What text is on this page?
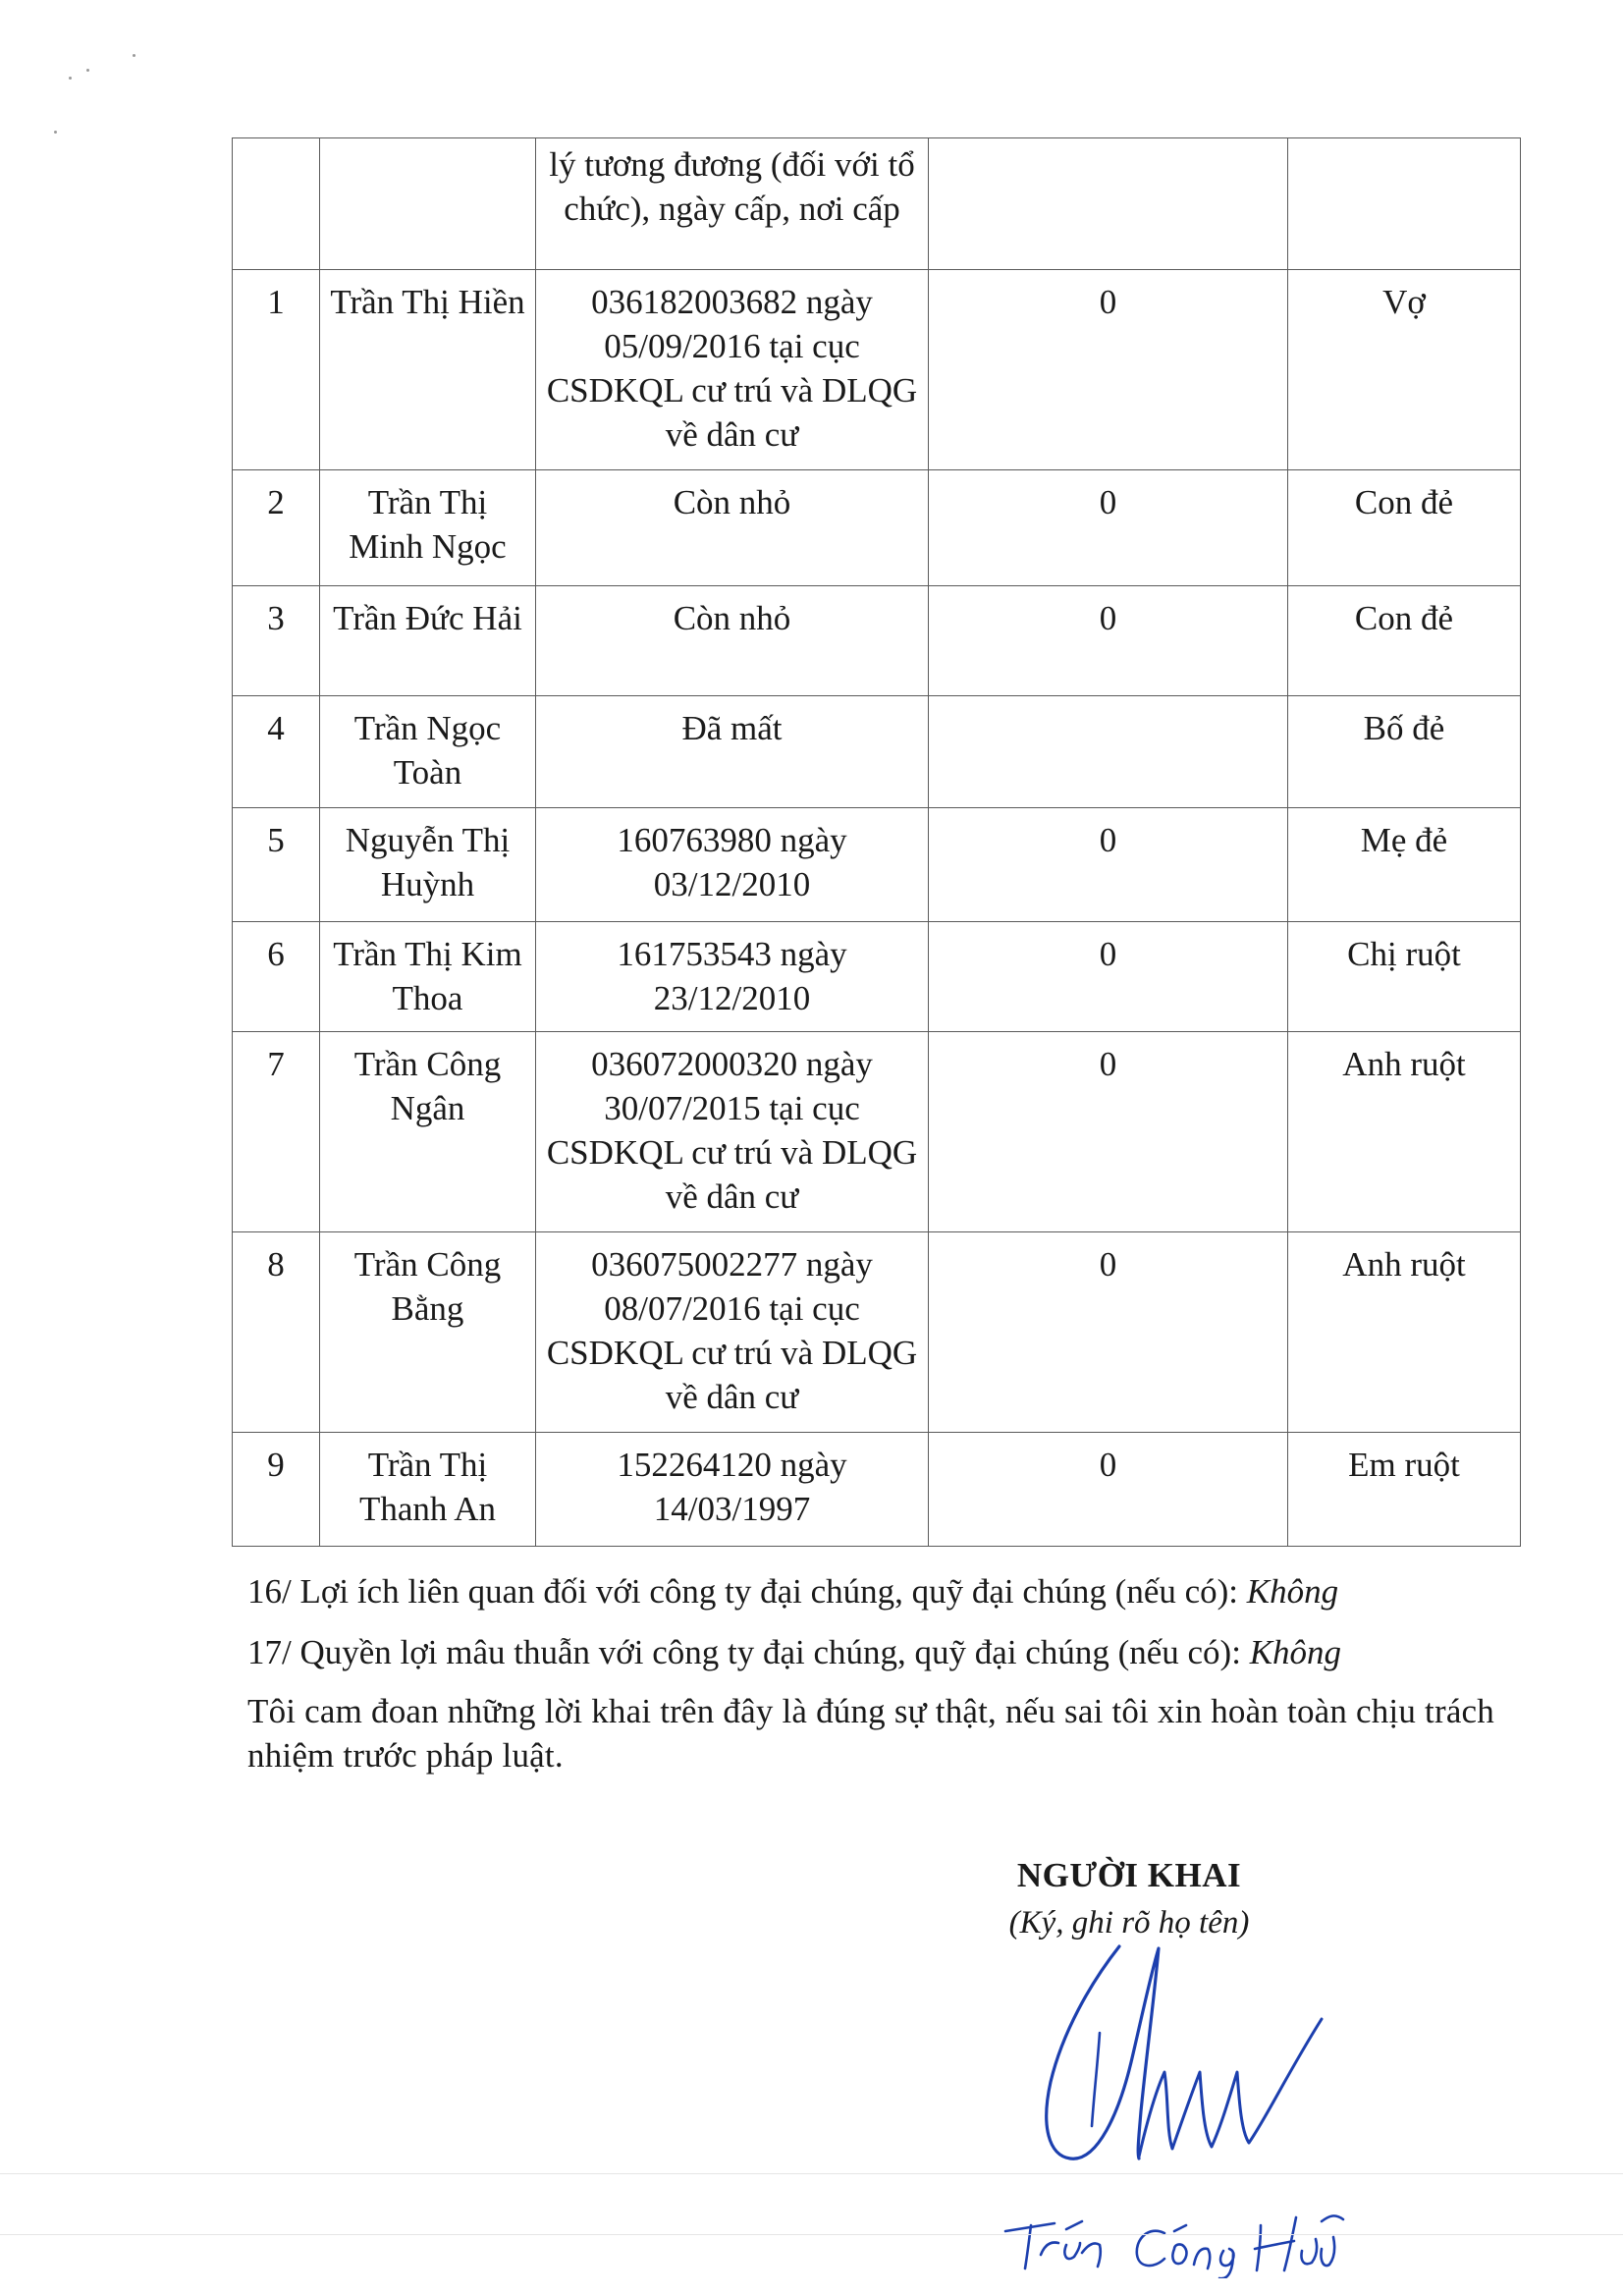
		lý tương đương (đối với tổ chức), ngày cấp, nơi cấp		
1	Trần Thị Hiền	036182003682 ngày 05/09/2016 tại cục CSDKQL cư trú và DLQG về dân cư	0	Vợ
2	Trần Thị Minh Ngọc	Còn nhỏ	0	Con đẻ
3	Trần Đức Hải	Còn nhỏ	0	Con đẻ
4	Trần Ngọc Toàn	Đã mất		Bố đẻ
5	Nguyễn Thị Huỳnh	160763980 ngày 03/12/2010	0	Mẹ đẻ
6	Trần Thị Kim Thoa	161753543 ngày 23/12/2010	0	Chị ruột
7	Trần Công Ngân	036072000320 ngày 30/07/2015 tại cục CSDKQL cư trú và DLQG về dân cư	0	Anh ruột
8	Trần Công Bằng	036075002277 ngày 08/07/2016 tại cục CSDKQL cư trú và DLQG về dân cư	0	Anh ruột
9	Trần Thị Thanh An	152264120 ngày 14/03/1997	0	Em ruột
16/ Lợi ích liên quan đối với công ty đại chúng, quỹ đại chúng (nếu có): Không
17/ Quyền lợi mâu thuẫn với công ty đại chúng, quỹ đại chúng (nếu có): Không
Tôi cam đoan những lời khai trên đây là đúng sự thật, nếu sai tôi xin hoàn toàn chịu trách nhiệm trước pháp luật.
NGƯỜI KHAI
(Ký, ghi rõ họ tên)
